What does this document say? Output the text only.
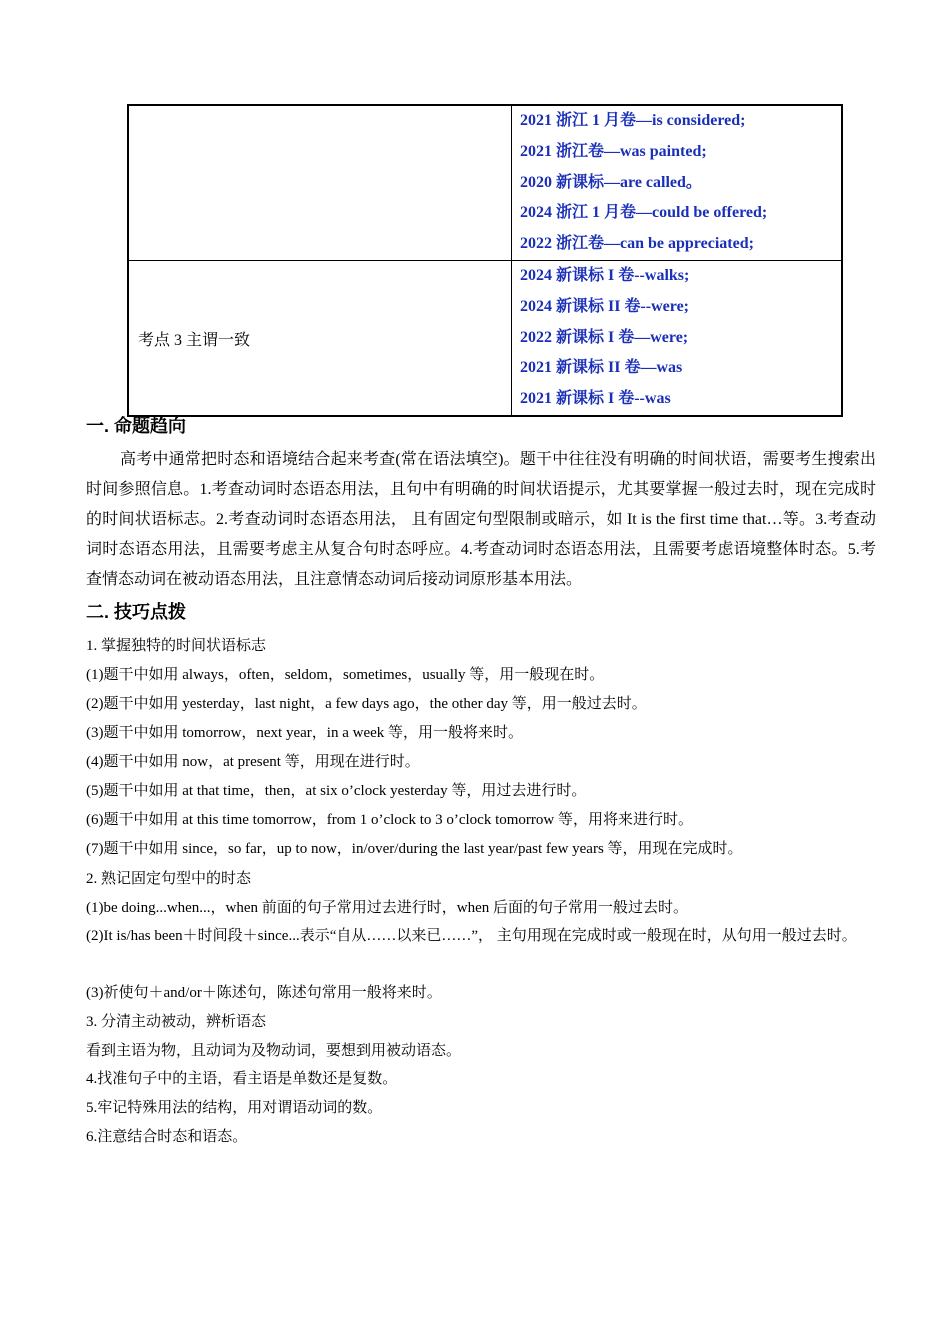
	2021 浙江 1 月卷—is considered;
2021 浙江卷—was painted;
2020 新课标—are called。
2024 浙江 1 月卷—could be offered;
2022 浙江卷—can be appreciated;

考点 3 主谓一致	2024 新课标 I 卷--walks;
2024 新课标 II 卷--were;
2022 新课标 I 卷—were;
2021 新课标 II 卷—was
2021 新课标 I 卷--was
一. 命题趋向
高考中通常把时态和语境结合起来考查(常在语法填空)。题干中往往没有明确的时间状语，需要考生搜索出时间参照信息。1.考查动词时态语态用法，且句中有明确的时间状语提示，尤其要掌握一般过去时，现在完成时的时间状语标志。2.考查动词时态语态用法， 且有固定句型限制或暗示，如 It is the first time that…等。3.考查动词时态语态用法，且需要考虑主从复合句时态呼应。4.考查动词时态语态用法，且需要考虑语境整体时态。5.考查情态动词在被动语态用法，且注意情态动词后接动词原形基本用法。
二. 技巧点拨
1. 掌握独特的时间状语标志
(1)题干中如用 always，often，seldom，sometimes，usually 等，用一般现在时。
(2)题干中如用 yesterday，last night，a few days ago，the other day 等，用一般过去时。
(3)题干中如用 tomorrow，next year，in a week 等，用一般将来时。
(4)题干中如用 now，at present 等，用现在进行时。
(5)题干中如用 at that time，then，at six o’clock yesterday 等，用过去进行时。
(6)题干中如用 at this time tomorrow，from 1 o’clock to 3 o’clock tomorrow 等，用将来进行时。
(7)题干中如用 since，so far，up to now，in/over/during the last year/past few years 等，用现在完成时。
2. 熟记固定句型中的时态
(1)be doing...when...，when 前面的句子常用过去进行时，when 后面的句子常用一般过去时。
(2)It is/has been＋时间段＋since...表示“自从……以来已……”， 主句用现在完成时或一般现在时，从句用一般过去时。
(3)祈使句＋and/or＋陈述句，陈述句常用一般将来时。
3. 分清主动被动，辨析语态
看到主语为物，且动词为及物动词，要想到用被动语态。
4.找准句子中的主语，看主语是单数还是复数。
5.牢记特殊用法的结构，用对谓语动词的数。
6.注意结合时态和语态。
